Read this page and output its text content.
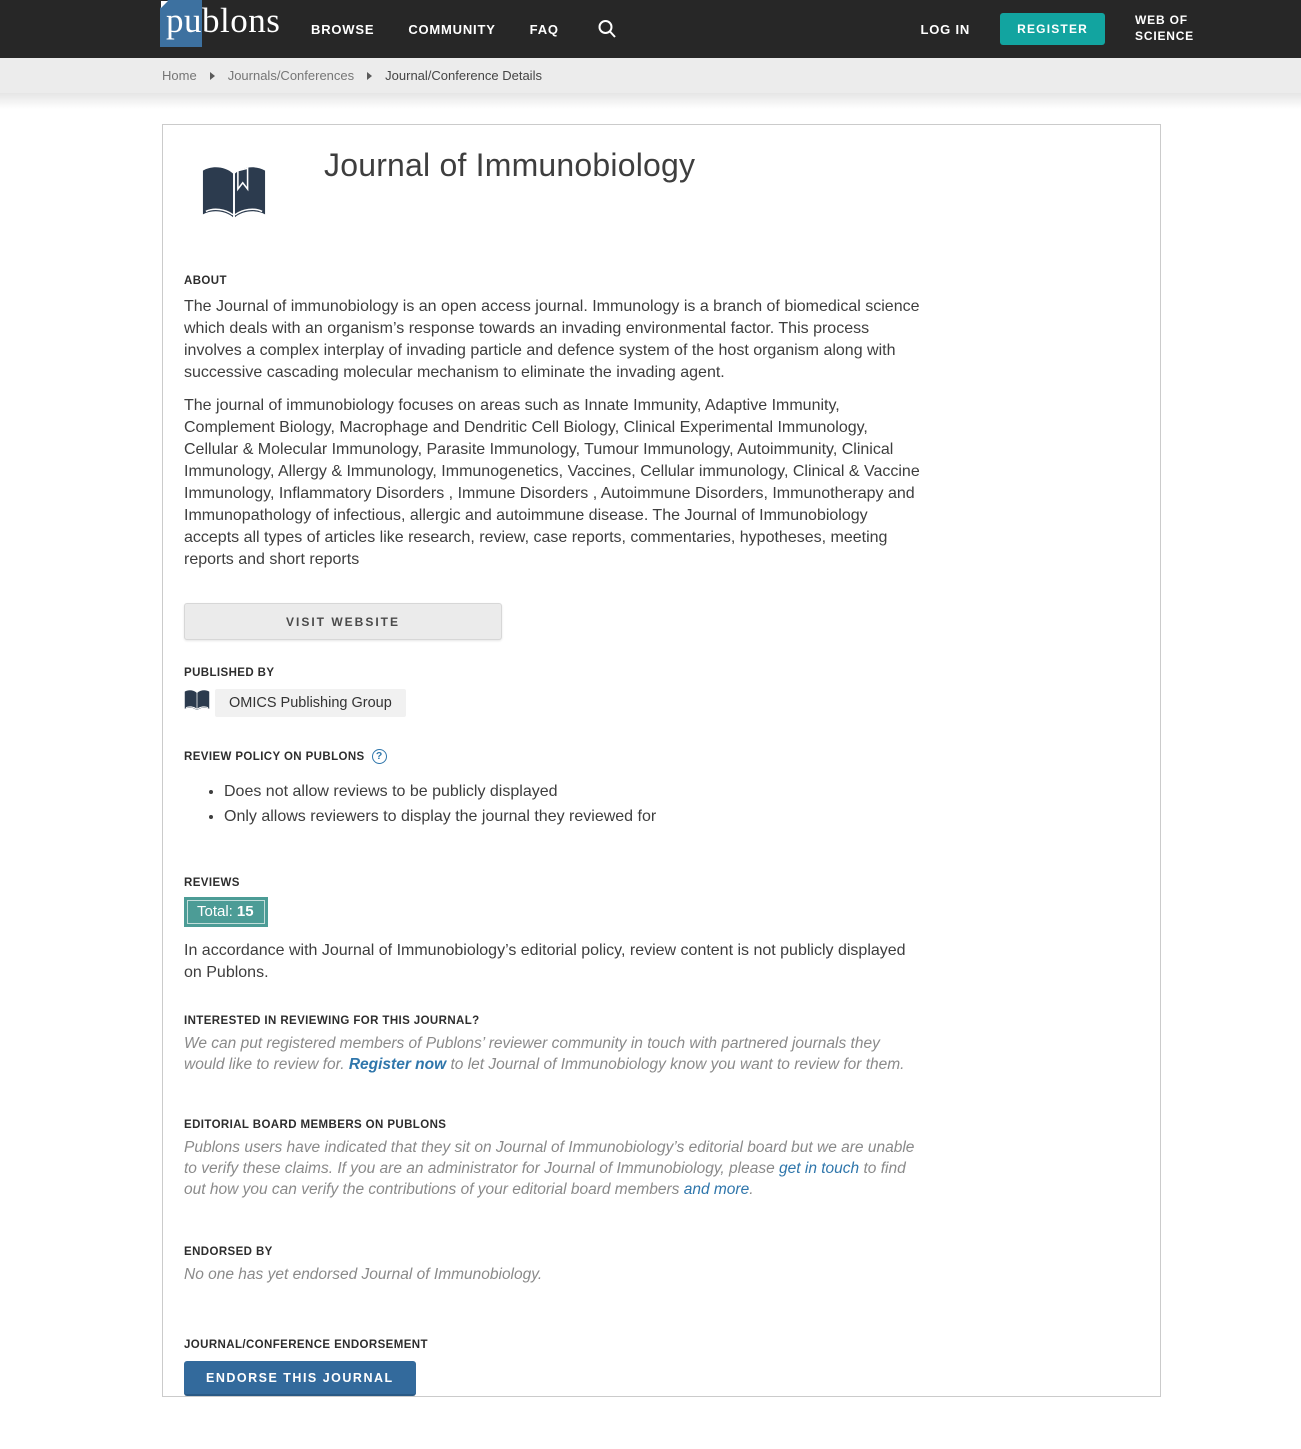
publons BROWSE	COMMUNITY	FAQ	LOG IN	REGISTER
WEB OF
SCIENCE
Home Journals/Conferences Journal/Conference Details
Journal of Immunobiology
ABOUT

The Journal of immunobiology is an open access journal. Immunology is a branch of biomedical science which deals with an organism’s response towards an invading environmental factor. This process involves a complex interplay of invading particle and defence system of the host organism along with successive cascading molecular mechanism to eliminate the invading agent.

The journal of immunobiology focuses on areas such as Innate Immunity, Adaptive Immunity, Complement Biology, Macrophage and Dendritic Cell Biology, Clinical Experimental Immunology, Cellular & Molecular Immunology, Parasite Immunology, Tumour Immunology, Autoimmunity, Clinical Immunology, Allergy & Immunology, Immunogenetics, Vaccines, Cellular immunology, Clinical & Vaccine Immunology, Inflammatory Disorders , Immune Disorders , Autoimmune Disorders, Immunotherapy and Immunopathology of infectious, allergic and autoimmune disease. The Journal of Immunobiology accepts all types of articles like research, review, case reports, commentaries, hypotheses, meeting reports and short reports

VISIT WEBSITE
PUBLISHED BY
OMICS Publishing Group
REVIEW POLICY ON PUBLONS	?
• Does not allow reviews to be publicly displayed
• Only allows reviewers to display the journal they reviewed for
REVIEWS
Total: 15

In accordance with Journal of Immunobiology’s editorial policy, review content is not publicly displayed on Publons.

INTERESTED IN REVIEWING FOR THIS JOURNAL?

We can put registered members of Publons’ reviewer community in touch with partnered journals they would like to review for. Register now to let Journal of Immunobiology know you want to review for them.

EDITORIAL BOARD MEMBERS ON PUBLONS

Publons users have indicated that they sit on Journal of Immunobiology’s editorial board but we are unable to verify these claims. If you are an administrator for Journal of Immunobiology, please get in touch to find out how you can verify the contributions of your editorial board members and more.

ENDORSED BY

No one has yet endorsed Journal of Immunobiology.

JOURNAL/CONFERENCE ENDORSEMENT
ENDORSE THIS JOURNAL
